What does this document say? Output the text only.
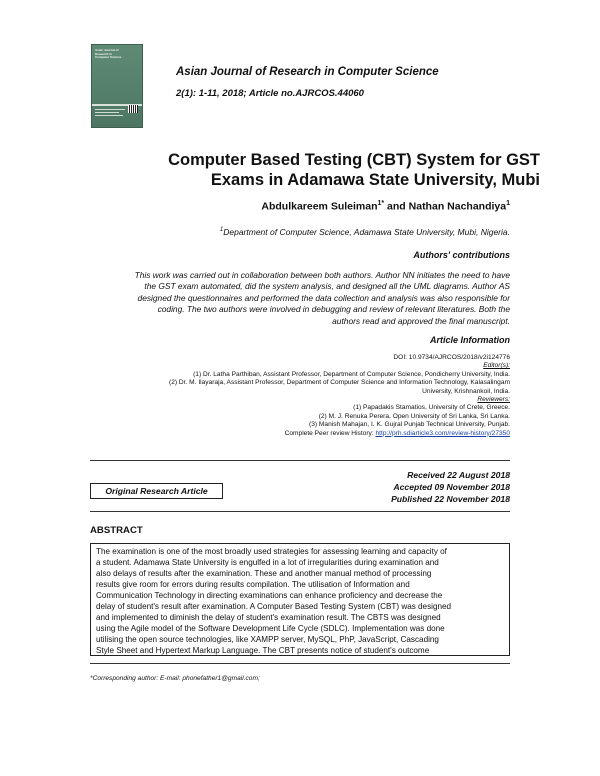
Asian Journal of
Research in
Computer Science
Asian Journal of Research in Computer Science
2(1): 1-11, 2018; Article no.AJRCOS.44060
Computer Based Testing (CBT) System for GST
Exams in Adamawa State University, Mubi
Abdulkareem Suleiman$^{1*}$ and Nathan Nachandiya$^1$
$^1$Department of Computer Science, Adamawa State University, Mubi, Nigeria.
Authors' contributions
This work was carried out in collaboration between both authors. Author NN initiates the need to have
the GST exam automated, did the system analysis, and designed all the UML diagrams. Author AS
designed the questionnaires and performed the data collection and analysis was also responsible for
coding. The two authors were involved in debugging and review of relevant literatures. Both the
authors read and approved the final manuscript.
Article Information
DOI: 10.9734/AJRCOS/2018/v2i124776
Editor(s):
(1) Dr. Latha Parthiban, Assistant Professor, Department of Computer Science, Pondicherry University, India.
(2) Dr. M. Ilayaraja, Assistant Professor, Department of Computer Science and Information Technology, Kalasalingam
University, Krishnankoil, India.
Reviewers:
(1) Papadakis Stamatios, University of Crete, Greece.
(2) M. J. Renuka Perera, Open University of Sri Lanka, Sri Lanka.
(3) Manish Mahajan, I. K. Gujral Punjab Technical University, Punjab.
Complete Peer review History: http://prh.sdiarticle3.com/review-history/27350
Received 22 August 2018
Accepted 09 November 2018
Published 22 November 2018
Original Research Article
ABSTRACT
The examination is one of the most broadly used strategies for assessing learning and capacity of
a student. Adamawa State University is engulfed in a lot of irregularities during examination and
also delays of results after the examination. These and another manual method of processing
results give room for errors during results compilation. The utilisation of Information and
Communication Technology in directing examinations can enhance proficiency and decrease the
delay of student's result after examination. A Computer Based Testing System (CBT) was designed
and implemented to diminish the delay of student's examination result. The CBTS was designed
using the Agile model of the Software Development Life Cycle (SDLC). Implementation was done
utilising the open source technologies, like XAMPP server, MySQL, PhP, JavaScript, Cascading
Style Sheet and Hypertext Markup Language. The CBT presents notice of student's outcome
*Corresponding author: E-mail: phonefather1@gmail.com;
